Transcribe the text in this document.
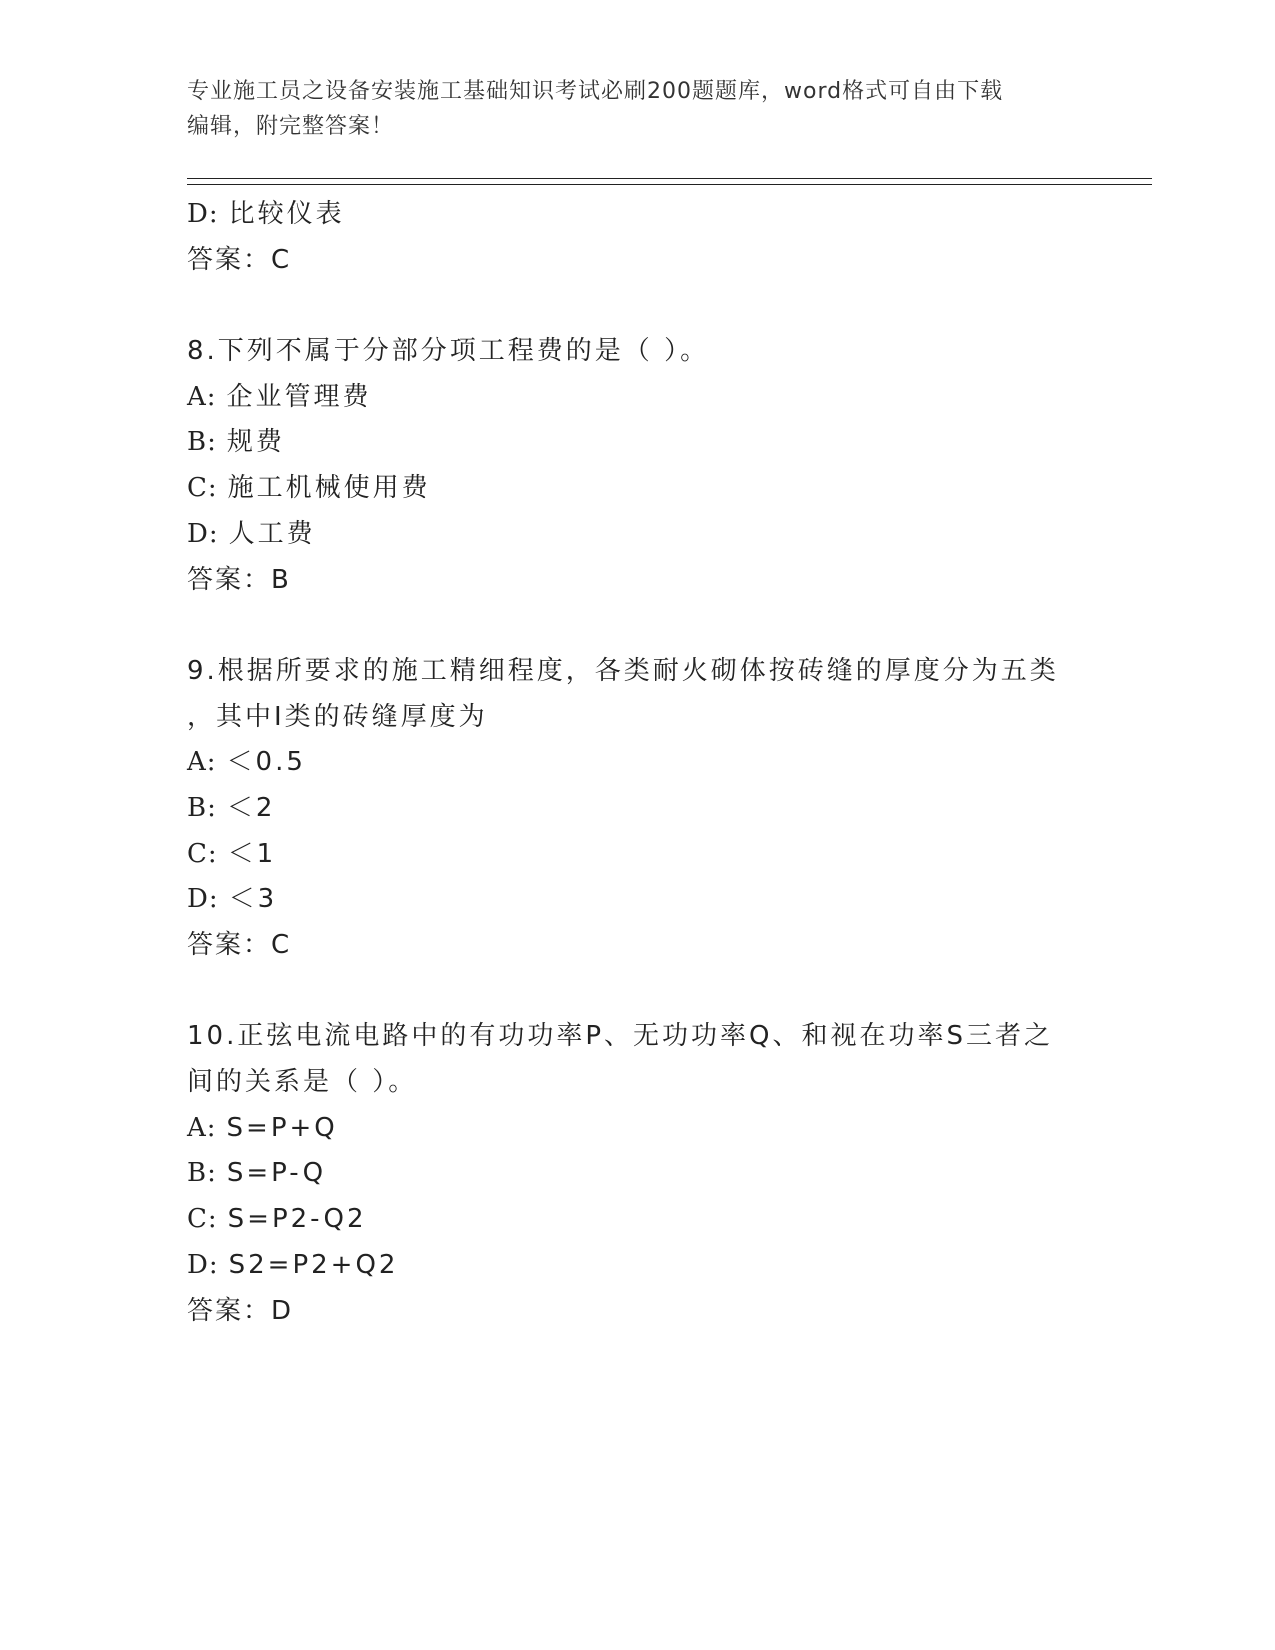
专业施工员之设备安装施工基础知识考试必刷200题题库，word格式可自由下载
编辑，附完整答案！
D: 比较仪表
答案：C
8.下列不属于分部分项工程费的是（ ）。
A: 企业管理费
B: 规费
C: 施工机械使用费
D: 人工费
答案：B
9.根据所要求的施工精细程度，各类耐火砌体按砖缝的厚度分为五类
，其中Ⅰ类的砖缝厚度为
A: ＜0.5
B: ＜2
C: ＜1
D: ＜3
答案：C
10.正弦电流电路中的有功功率P、无功功率Q、和视在功率S三者之
间的关系是（ ）。
A: S=P+Q
B: S=P-Q
C: S=P2-Q2
D: S2=P2+Q2
答案：D
